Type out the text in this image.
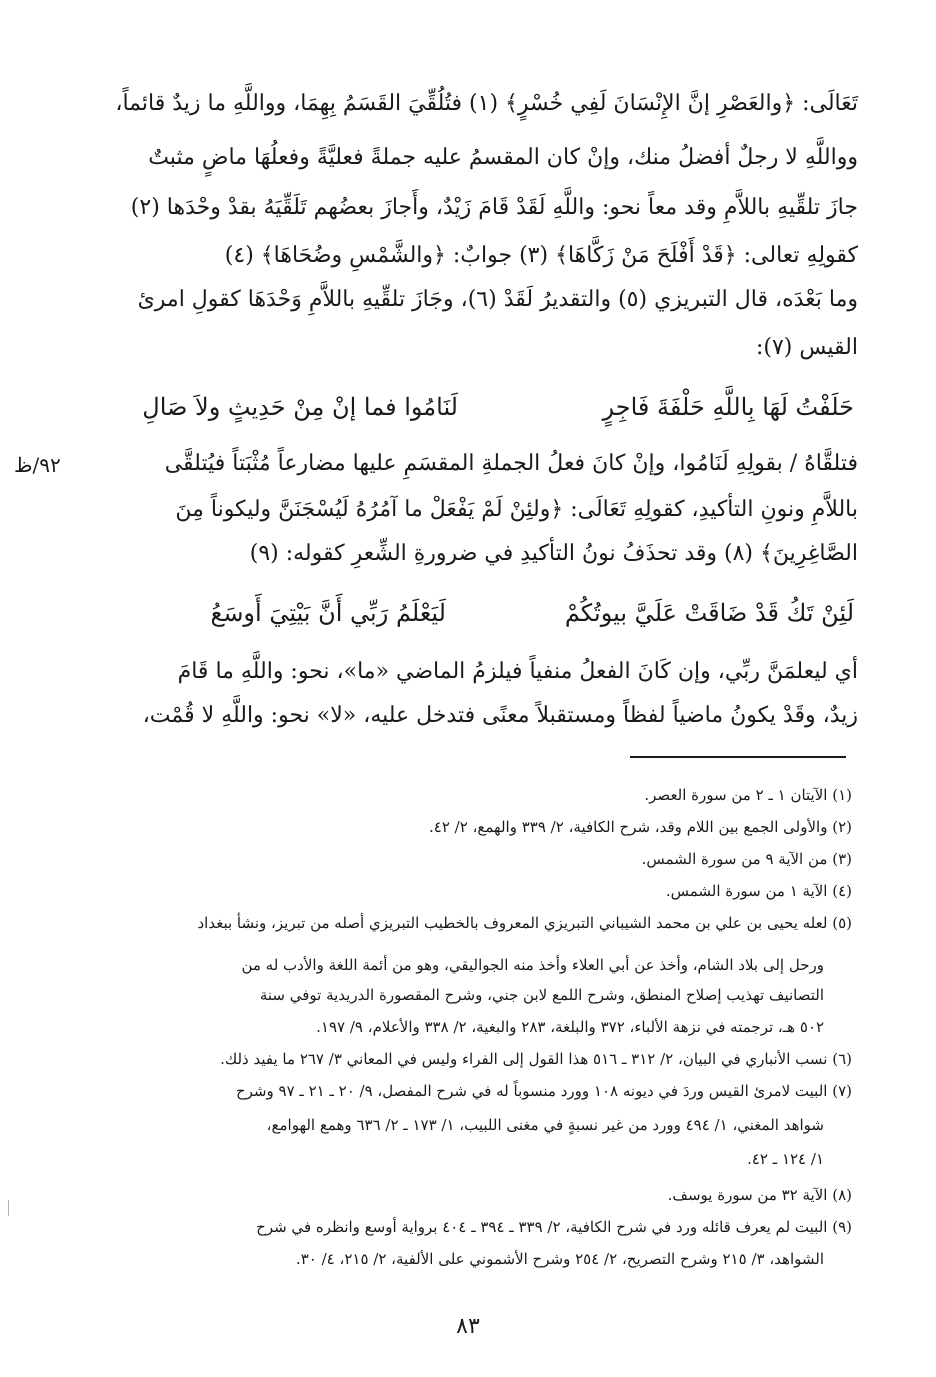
تَعَالَى: ﴿والعَصْرِ إنَّ الإِنْسَانَ لَفِي خُسْرٍ﴾ (١) فتُلُقِّيَ القَسَمُ بِهِمَا، وواللَّهِ ما زيدٌ قائماً،
وواللَّهِ لا رجلٌ أفضلُ منك، وإنْ كان المقسمُ عليه جملةً فعليَّةً وفعلُهَا ماضٍ مثبتٌ
جازَ تلقِّيهِ باللاَّمِ وقد معاً نحو: واللَّهِ لَقَدْ قَامَ زَيْدٌ، وأَجازَ بعضُهم تَلَقِّيَهُ بقدْ وحْدَها (٢)
كقولِهِ تعالى: ﴿قَدْ أَفْلَحَ مَنْ زَكَّاهَا﴾ (٣) جوابٌ: ﴿والشَّمْسِ وضُحَاهَا﴾ (٤)
وما بَعْدَه، قال التبريزي (٥) والتقديرُ لَقَدْ (٦)، وجَازَ تلقِّيهِ باللاَّمِ وَحْدَهَا كقولِ امرئ
القيس (٧):
حَلَفْتُ لَهَا بِاللَّهِ حَلْفَةَ فَاجِرٍ
لَنَامُوا فما إنْ مِنْ حَدِيثٍ ولاَ صَالِ
٩٢/ظ	فتلقَّاهُ / بقولِهِ لَنَامُوا، وإنْ كانَ فعلُ الجملةِ المقسَمِ عليها مضارعاً مُثْبَتاً فيُتلقَّى
باللاَّمِ ونونِ التأكيدِ، كقولِهِ تَعَالَى: ﴿ولئِنْ لَمْ يَفْعَلْ ما آمُرُهُ لَيُسْجَنَنَّ وليكوناً مِنَ
الصَّاغِرِينَ﴾ (٨) وقد تحذَفُ نونُ التأكيدِ في ضرورةِ الشِّعرِ كقوله: (٩)
لَئِنْ تَكُ قَدْ ضَاقَتْ عَلَيَّ بيوتُكُمْ
لَيَعْلَمُ رَبِّي أَنَّ بَيْتِيَ أَوسَعُ
أي ليعلمَنَّ ربِّي، وإن كَانَ الفعلُ منفياً فيلزمُ الماضي «ما»، نحو: واللَّهِ ما قَامَ
زيدٌ، وقَدْ يكونُ ماضياً لفظاً ومستقبلاً معنًى فتدخل عليه، «لا» نحو: واللَّهِ لا قُمْت،
(١) الآيتان ١ ـ ٢ من سورة العصر.
(٢) والأولى الجمع بين اللام وقد، شرح الكافية، ٢/ ٣٣٩ والهمع، ٢/ ٤٢.
(٣) من الآية ٩ من سورة الشمس.
(٤) الآية ١ من سورة الشمس.
(٥) لعله يحيى بن علي بن محمد الشيباني التبريزي المعروف بالخطيب التبريزي أصله من تبريز، ونشأ ببغداد
ورحل إلى بلاد الشام، وأخذ عن أبي العلاء وأخذ منه الجواليقي، وهو من أئمة اللغة والأدب له من
التصانيف تهذيب إصلاح المنطق، وشرح اللمع لابن جني، وشرح المقصورة الدريدية توفي سنة
٥٠٢ هـ، ترجمته في نزهة الألباء، ٣٧٢ والبلغة، ٢٨٣ والبغية، ٢/ ٣٣٨ والأعلام، ٩/ ١٩٧.
(٦) نسب الأنباري في البيان، ٢/ ٣١٢ ـ ٥١٦ هذا القول إلى الفراء وليس في المعاني ٣/ ٢٦٧ ما يفيد ذلك.
(٧) البيت لامرئ القيس وردَ في ديونه ١٠٨ وورد منسوباً له في شرح المفصل، ٩/ ٢٠ ـ ٢١ ـ ٩٧ وشرح
شواهد المغني، ١/ ٤٩٤ وورد من غير نسبةٍ في مغنى اللبيب، ١/ ١٧٣ ـ ٢/ ٦٣٦ وهمع الهوامع،
١/ ١٢٤ ـ ٤٢.
(٨) الآية ٣٢ من سورة يوسف.
(٩) البيت لم يعرف قائله ورد في شرح الكافية، ٢/ ٣٣٩ ـ ٣٩٤ ـ ٤٠٤ برواية أوسع وانظره في شرح
الشواهد، ٣/ ٢١٥ وشرح التصريح، ٢/ ٢٥٤ وشرح الأشموني على الألفية، ٢/ ٢١٥، ٤/ ٣٠.
٨٣
